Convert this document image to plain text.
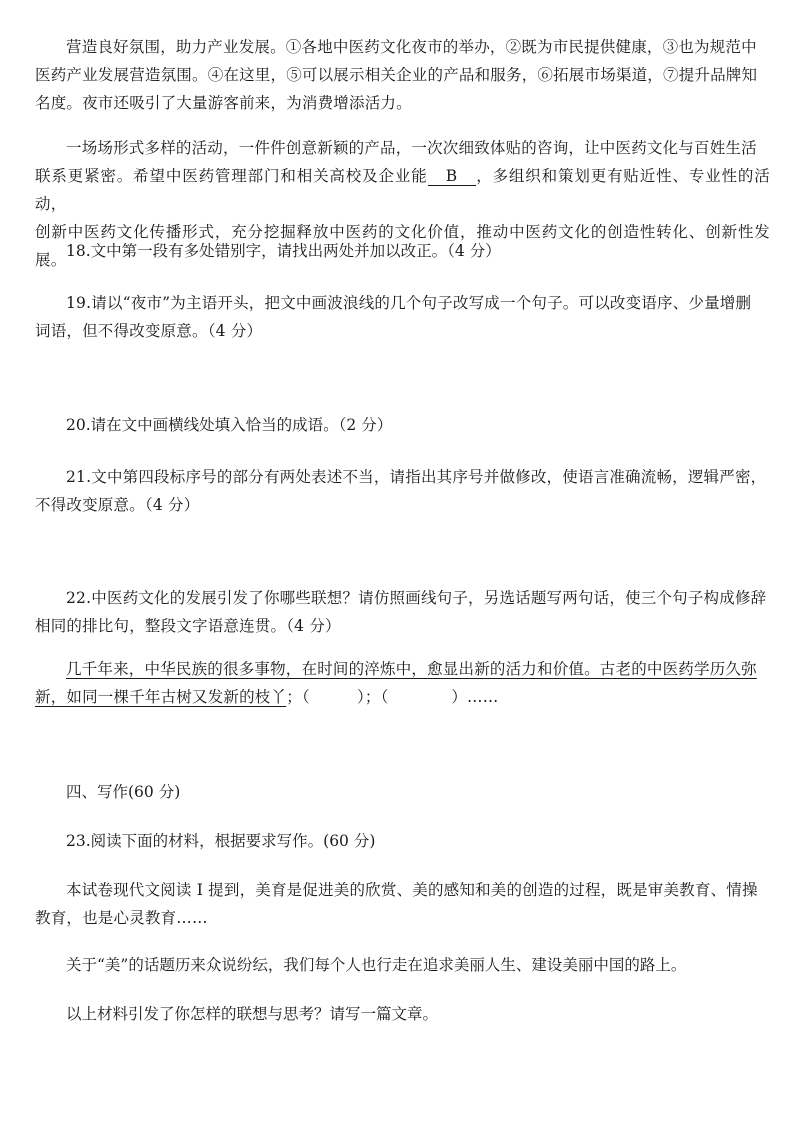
营造良好氛围，助力产业发展。①各地中医药文化夜市的举办，②既为市民提供健康，③也为规范中
医药产业发展营造氛围。④在这里，⑤可以展示相关企业的产品和服务，⑥拓展市场渠道，⑦提升品牌知
名度。夜市还吸引了大量游客前来，为消费增添活力。
一场场形式多样的活动，一件件创意新颖的产品，一次次细致体贴的咨询，让中医药文化与百姓生活
联系更紧密。希望中医药管理部门和相关高校及企业能 B ，多组织和策划更有贴近性、专业性的活动，
创新中医药文化传播形式，充分挖掘释放中医药的文化价值，推动中医药文化的创造性转化、创新性发展。 18.文中第一段有多处错别字，请找出两处并加以改正。（4 分）
19.请以“夜市”为主语开头，把文中画波浪线的几个句子改写成一个句子。可以改变语序、少量增删
词语，但不得改变原意。（4 分）
20.请在文中画横线处填入恰当的成语。（2 分）
21.文中第四段标序号的部分有两处表述不当，请指出其序号并做修改，使语言准确流畅，逻辑严密，
不得改变原意。（4 分）
22.中医药文化的发展引发了你哪些联想？请仿照画线句子，另选话题写两句话，使三个句子构成修辞
相同的排比句，整段文字语意连贯。（4 分）
几千年来，中华民族的很多事物，在时间的淬炼中，愈显出新的活力和价值。古老的中医药学历久弥
新，如同一棵千年古树又发新的枝丫；（　　　）；（　　　　）……
四、写作(60 分)
23.阅读下面的材料，根据要求写作。(60 分)
本试卷现代文阅读 I 提到，美育是促进美的欣赏、美的感知和美的创造的过程，既是审美教育、情操
教育，也是心灵教育……
关于“美”的话题历来众说纷纭，我们每个人也行走在追求美丽人生、建设美丽中国的路上。
以上材料引发了你怎样的联想与思考？请写一篇文章。
